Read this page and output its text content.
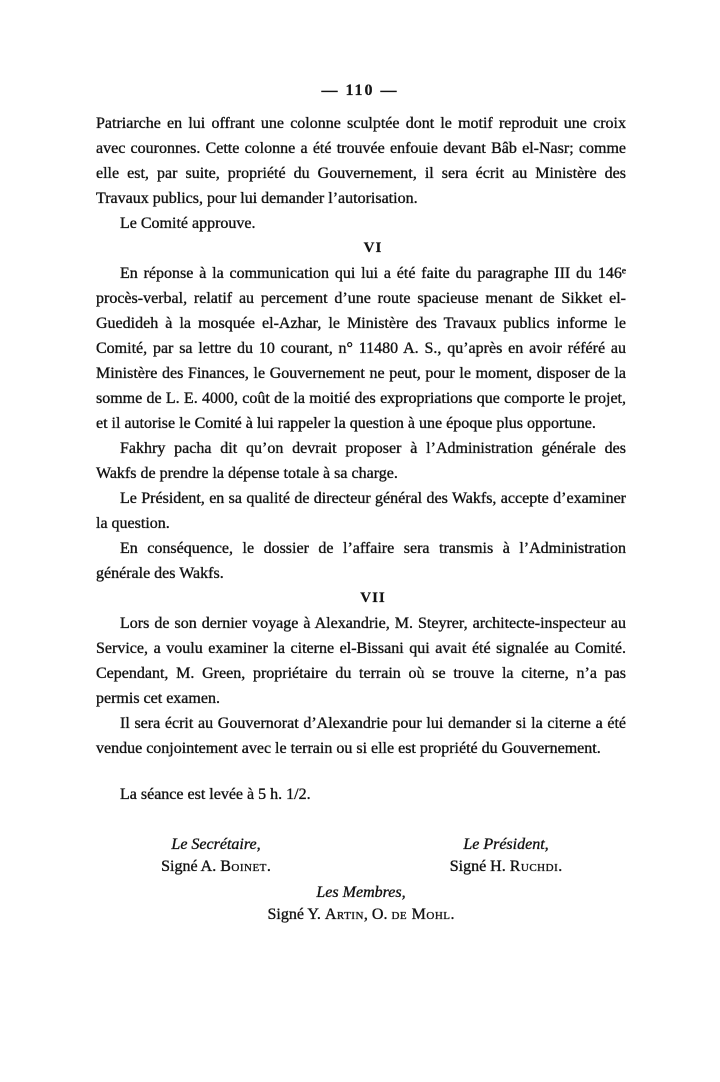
— 110 —

Patriarche en lui offrant une colonne sculptée dont le motif reproduit une croix avec couronnes. Cette colonne a été trouvée enfouie devant Bâb el-Nasr; comme elle est, par suite, propriété du Gouvernement, il sera écrit au Ministère des Travaux publics, pour lui demander l’autorisation.

Le Comité approuve.

VI

En réponse à la communication qui lui a été faite du paragraphe III du 146ᵉ procès-verbal, relatif au percement d’une route spacieuse menant de Sikket el-Guedideh à la mosquée el-Azhar, le Ministère des Travaux publics informe le Comité, par sa lettre du 10 courant, n° 11480 A. S., qu’après en avoir référé au Ministère des Finances, le Gouvernement ne peut, pour le moment, disposer de la somme de L. E. 4000, coût de la moitié des expropriations que comporte le projet, et il autorise le Comité à lui rappeler la question à une époque plus opportune.

Fakhry pacha dit qu’on devrait proposer à l’Administration générale des Wakfs de prendre la dépense totale à sa charge.

Le Président, en sa qualité de directeur général des Wakfs, accepte d’examiner la question.

En conséquence, le dossier de l’affaire sera transmis à l’Administration générale des Wakfs.

VII

Lors de son dernier voyage à Alexandrie, M. Steyrer, architecte-inspecteur au Service, a voulu examiner la citerne el-Bissani qui avait été signalée au Comité. Cependant, M. Green, propriétaire du terrain où se trouve la citerne, n’a pas permis cet examen.

Il sera écrit au Gouvernorat d’Alexandrie pour lui demander si la citerne a été vendue conjointement avec le terrain ou si elle est propriété du Gouvernement.

La séance est levée à 5 h. 1/2.

Le Secrétaire,
Signé A. Boinet.
Le Président,
Signé H. Ruchdi.
Les Membres,
Signé Y. Artin, O. de Mohl.
